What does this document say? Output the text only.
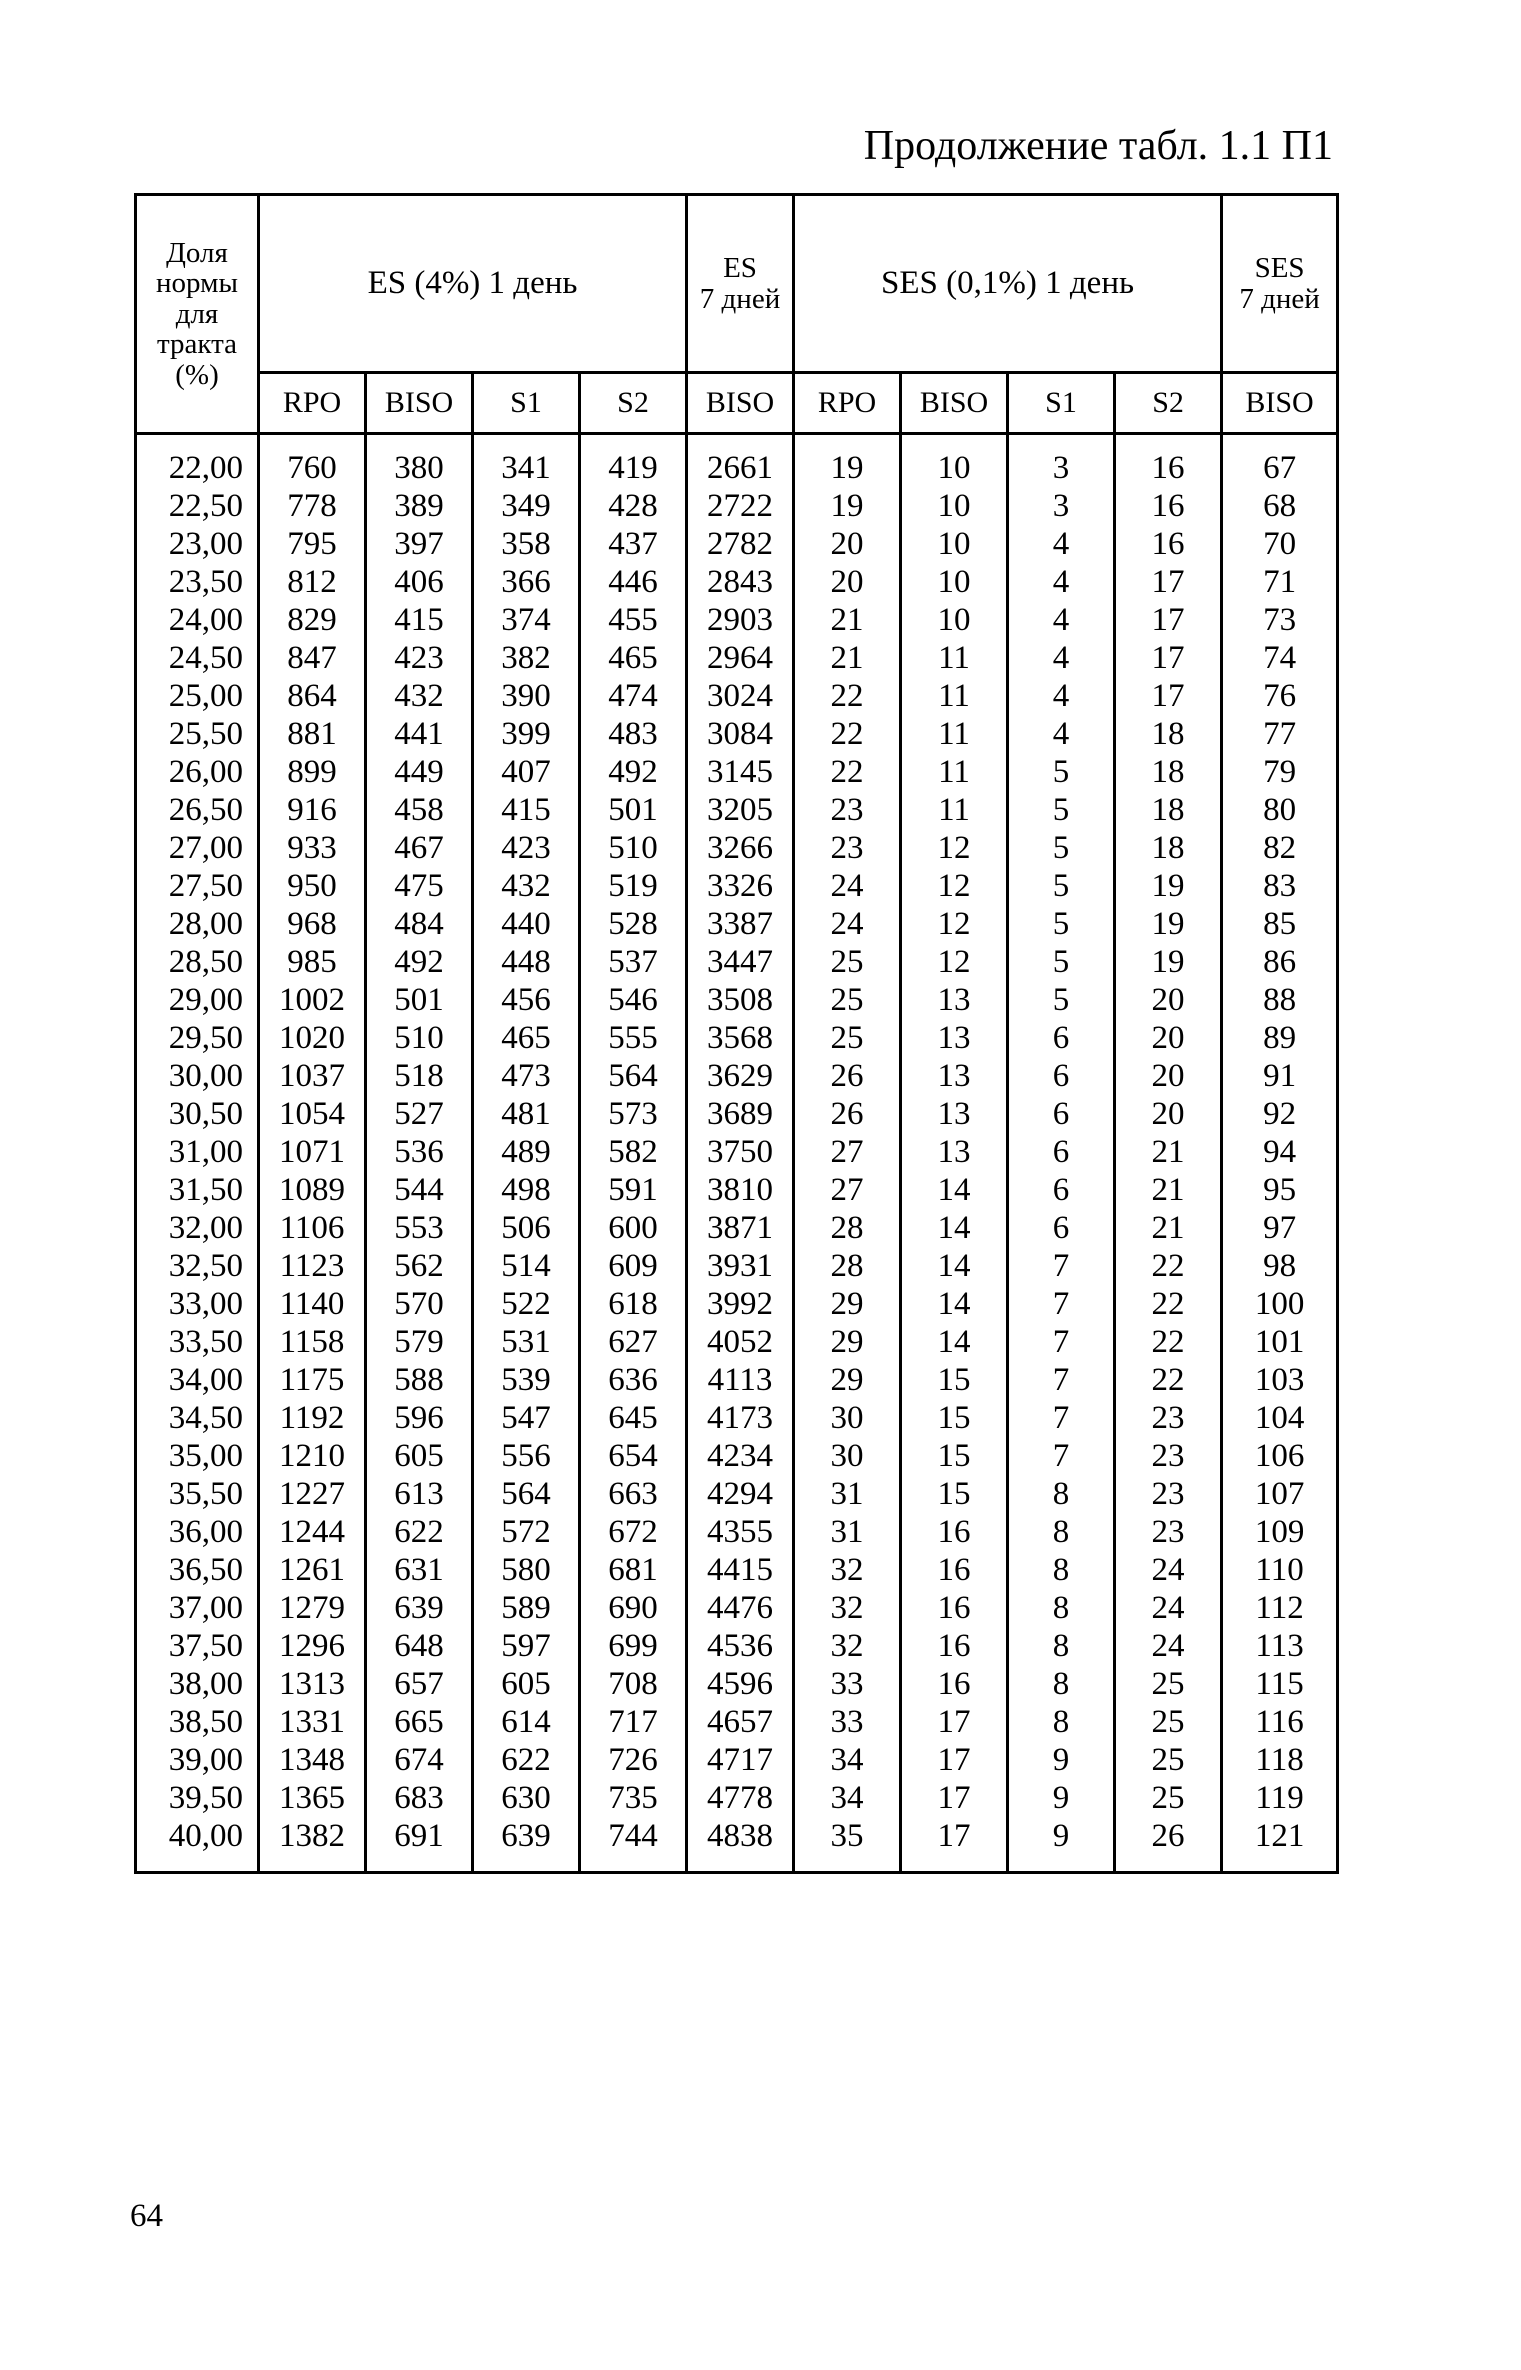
Продолжение табл. 1.1 П1
Доля
нормы
для
тракта
(%)	ES (4%) 1 день				ES
7 дней	SES (0,1%) 1 день				SES
7 дней
	RPO	BISO	S1	S2	BISO	RPO	BISO	S1	S2	BISO
22,00	760	380	341	419	2661	19	10	3	16	67
22,50	778	389	349	428	2722	19	10	3	16	68
23,00	795	397	358	437	2782	20	10	4	16	70
23,50	812	406	366	446	2843	20	10	4	17	71
24,00	829	415	374	455	2903	21	10	4	17	73
24,50	847	423	382	465	2964	21	11	4	17	74
25,00	864	432	390	474	3024	22	11	4	17	76
25,50	881	441	399	483	3084	22	11	4	18	77
26,00	899	449	407	492	3145	22	11	5	18	79
26,50	916	458	415	501	3205	23	11	5	18	80
27,00	933	467	423	510	3266	23	12	5	18	82
27,50	950	475	432	519	3326	24	12	5	19	83
28,00	968	484	440	528	3387	24	12	5	19	85
28,50	985	492	448	537	3447	25	12	5	19	86
29,00	1002	501	456	546	3508	25	13	5	20	88
29,50	1020	510	465	555	3568	25	13	6	20	89
30,00	1037	518	473	564	3629	26	13	6	20	91
30,50	1054	527	481	573	3689	26	13	6	20	92
31,00	1071	536	489	582	3750	27	13	6	21	94
31,50	1089	544	498	591	3810	27	14	6	21	95
32,00	1106	553	506	600	3871	28	14	6	21	97
32,50	1123	562	514	609	3931	28	14	7	22	98
33,00	1140	570	522	618	3992	29	14	7	22	100
33,50	1158	579	531	627	4052	29	14	7	22	101
34,00	1175	588	539	636	4113	29	15	7	22	103
34,50	1192	596	547	645	4173	30	15	7	23	104
35,00	1210	605	556	654	4234	30	15	7	23	106
35,50	1227	613	564	663	4294	31	15	8	23	107
36,00	1244	622	572	672	4355	31	16	8	23	109
36,50	1261	631	580	681	4415	32	16	8	24	110
37,00	1279	639	589	690	4476	32	16	8	24	112
37,50	1296	648	597	699	4536	32	16	8	24	113
38,00	1313	657	605	708	4596	33	16	8	25	115
38,50	1331	665	614	717	4657	33	17	8	25	116
39,00	1348	674	622	726	4717	34	17	9	25	118
39,50	1365	683	630	735	4778	34	17	9	25	119
40,00	1382	691	639	744	4838	35	17	9	26	121
64
